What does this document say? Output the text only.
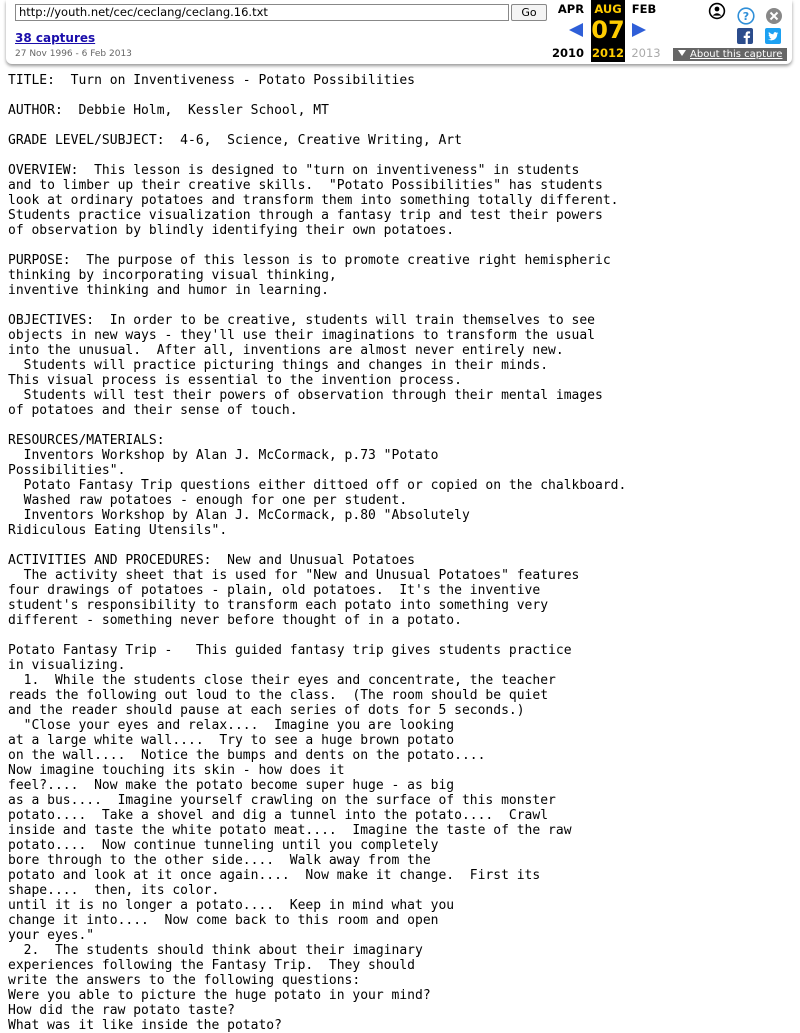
http://youth.net/cec/ceclang/ceclang.16.txt	Go
38 captures
27 Nov 1996 - 6 Feb 2013
APR
2010
AUG
07
2012
FEB
2013
?
About this capture
TITLE:  Turn on Inventiveness - Potato Possibilities

AUTHOR:  Debbie Holm,  Kessler School, MT

GRADE LEVEL/SUBJECT:  4-6,  Science, Creative Writing, Art

OVERVIEW:  This lesson is designed to "turn on inventiveness" in students
and to limber up their creative skills.  "Potato Possibilities" has students
look at ordinary potatoes and transform them into something totally different.
Students practice visualization through a fantasy trip and test their powers
of observation by blindly identifying their own potatoes.

PURPOSE:  The purpose of this lesson is to promote creative right hemispheric
thinking by incorporating visual thinking,
inventive thinking and humor in learning.

OBJECTIVES:  In order to be creative, students will train themselves to see
objects in new ways - they'll use their imaginations to transform the usual
into the unusual.  After all, inventions are almost never entirely new.
Students will practice picturing things and changes in their minds.
This visual process is essential to the invention process.
Students will test their powers of observation through their mental images
of potatoes and their sense of touch.

RESOURCES/MATERIALS:
Inventors Workshop by Alan J. McCormack, p.73 "Potato
Possibilities".
Potato Fantasy Trip questions either dittoed off or copied on the chalkboard.
Washed raw potatoes - enough for one per student.
Inventors Workshop by Alan J. McCormack, p.80 "Absolutely
Ridiculous Eating Utensils".

ACTIVITIES AND PROCEDURES:  New and Unusual Potatoes
The activity sheet that is used for "New and Unusual Potatoes" features
four drawings of potatoes - plain, old potatoes.  It's the inventive
student's responsibility to transform each potato into something very
different - something never before thought of in a potato.

Potato Fantasy Trip -   This guided fantasy trip gives students practice
in visualizing.
1.  While the students close their eyes and concentrate, the teacher
reads the following out loud to the class.  (The room should be quiet
and the reader should pause at each series of dots for 5 seconds.)
"Close your eyes and relax....  Imagine you are looking
at a large white wall....  Try to see a huge brown potato
on the wall....  Notice the bumps and dents on the potato....
Now imagine touching its skin - how does it
feel?....  Now make the potato become super huge - as big
as a bus....  Imagine yourself crawling on the surface of this monster
potato....  Take a shovel and dig a tunnel into the potato....  Crawl
inside and taste the white potato meat....  Imagine the taste of the raw
potato....  Now continue tunneling until you completely
bore through to the other side....  Walk away from the
potato and look at it once again....  Now make it change.  First its
shape....  then, its color.
until it is no longer a potato....  Keep in mind what you
change it into....  Now come back to this room and open
your eyes."
2.  The students should think about their imaginary
experiences following the Fantasy Trip.  They should
write the answers to the following questions:
Were you able to picture the huge potato in your mind?
How did the raw potato taste?
What was it like inside the potato?
